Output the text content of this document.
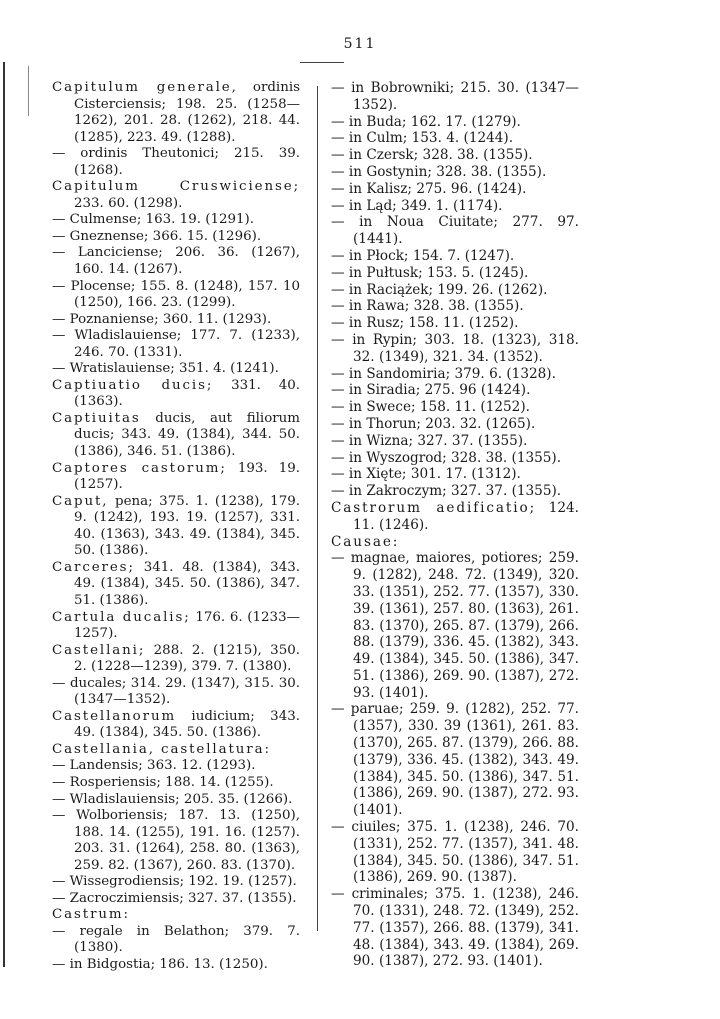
511
Capitulum generale, ordinis Cisterciensis; 198. 25. (1258—1262), 201. 28. (1262), 218. 44. (1285), 223. 49. (1288).
— ordinis Theutonici; 215. 39. (1268).
Capitulum Cruswiciense; 233. 60. (1298).
— Culmense; 163. 19. (1291).
— Gneznense; 366. 15. (1296).
— Lanciciense; 206. 36. (1267), 160. 14. (1267).
— Plocense; 155. 8. (1248), 157. 10 (1250), 166. 23. (1299).
— Poznaniense; 360. 11. (1293).
— Wladislauiense; 177. 7. (1233), 246. 70. (1331).
— Wratislauiense; 351. 4. (1241).
Captiuatio ducis; 331. 40. (1363).
Captiuitas ducis, aut filiorum ducis; 343. 49. (1384), 344. 50. (1386), 346. 51. (1386).
Captores castorum; 193. 19. (1257).
Caput, pena; 375. 1. (1238), 179. 9. (1242), 193. 19. (1257), 331. 40. (1363), 343. 49. (1384), 345. 50. (1386).
Carceres; 341. 48. (1384), 343. 49. (1384), 345. 50. (1386), 347. 51. (1386).
Cartula ducalis; 176. 6. (1233—1257).
Castellani; 288. 2. (1215), 350. 2. (1228—1239), 379. 7. (1380).
— ducales; 314. 29. (1347), 315. 30. (1347—1352).
Castellanorum iudicium; 343. 49. (1384), 345. 50. (1386).
Castellania, castellatura:
— Landensis; 363. 12. (1293).
— Rosperiensis; 188. 14. (1255).
— Wladislauiensis; 205. 35. (1266).
— Wolboriensis; 187. 13. (1250), 188. 14. (1255), 191. 16. (1257). 203. 31. (1264), 258. 80. (1363), 259. 82. (1367), 260. 83. (1370).
— Wissegrodiensis; 192. 19. (1257).
— Zacroczimiensis; 327. 37. (1355).
Castrum:
— regale in Belathon; 379. 7. (1380).
— in Bidgostia; 186. 13. (1250).
— in Bobrowniki; 215. 30. (1347—1352).
— in Buda; 162. 17. (1279).
— in Culm; 153. 4. (1244).
— in Czersk; 328. 38. (1355).
— in Gostynin; 328. 38. (1355).
— in Kalisz; 275. 96. (1424).
— in Ląd; 349. 1. (1174).
— in Noua Ciuitate; 277. 97. (1441).
— in Płock; 154. 7. (1247).
— in Pułtusk; 153. 5. (1245).
— in Raciążek; 199. 26. (1262).
— in Rawa; 328. 38. (1355).
— in Rusz; 158. 11. (1252).
— in Rypin; 303. 18. (1323), 318. 32. (1349), 321. 34. (1352).
— in Sandomiria; 379. 6. (1328).
— in Siradia; 275. 96 (1424).
— in Swece; 158. 11. (1252).
— in Thorun; 203. 32. (1265).
— in Wizna; 327. 37. (1355).
— in Wyszogrod; 328. 38. (1355).
— in Xięte; 301. 17. (1312).
— in Zakroczym; 327. 37. (1355).
Castrorum aedificatio; 124. 11. (1246).
Causae:
— magnae, maiores, potiores; 259. 9. (1282), 248. 72. (1349), 320. 33. (1351), 252. 77. (1357), 330. 39. (1361), 257. 80. (1363), 261. 83. (1370), 265. 87. (1379), 266. 88. (1379), 336. 45. (1382), 343. 49. (1384), 345. 50. (1386), 347. 51. (1386), 269. 90. (1387), 272. 93. (1401).
— paruae; 259. 9. (1282), 252. 77. (1357), 330. 39 (1361), 261. 83. (1370), 265. 87. (1379), 266. 88. (1379), 336. 45. (1382), 343. 49. (1384), 345. 50. (1386), 347. 51. (1386), 269. 90. (1387), 272. 93. (1401).
— ciuiles; 375. 1. (1238), 246. 70. (1331), 252. 77. (1357), 341. 48. (1384), 345. 50. (1386), 347. 51. (1386), 269. 90. (1387).
— criminales; 375. 1. (1238), 246. 70. (1331), 248. 72. (1349), 252. 77. (1357), 266. 88. (1379), 341. 48. (1384), 343. 49. (1384), 269. 90. (1387), 272. 93. (1401).
